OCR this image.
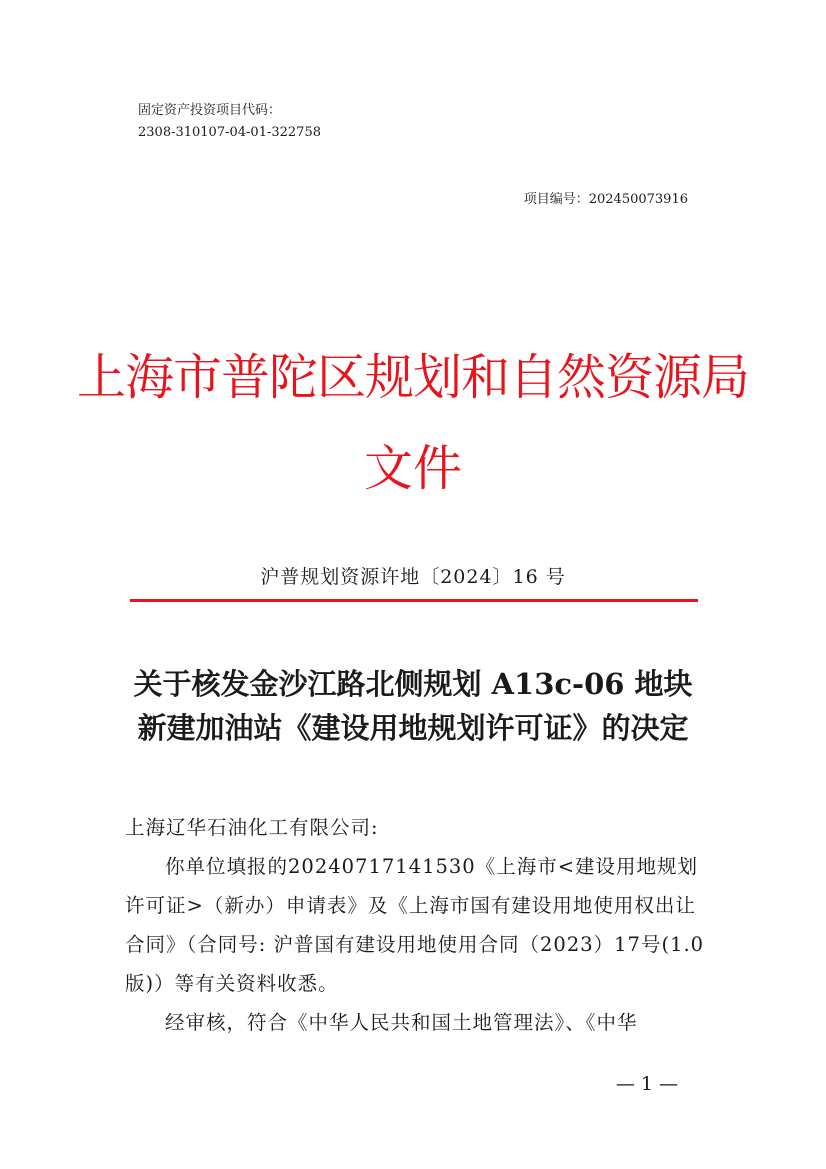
固定资产投资项目代码：
2308-310107-04-01-322758
项目编号：202450073916
上海市普陀区规划和自然资源局
文件
沪普规划资源许地〔2024〕16 号
关于核发金沙江路北侧规划 A13c-06 地块
新建加油站《建设用地规划许可证》的决定

上海辽华石油化工有限公司:

你单位填报的20240717141530《上海市<建设用地规划许可证>（新办）申请表》及《上海市国有建设用地使用权出让合同》（合同号: 沪普国有建设用地使用合同（2023）17号(1.0版)）等有关资料收悉。

经审核，符合《中华人民共和国土地管理法》、《中华

— 1 —
